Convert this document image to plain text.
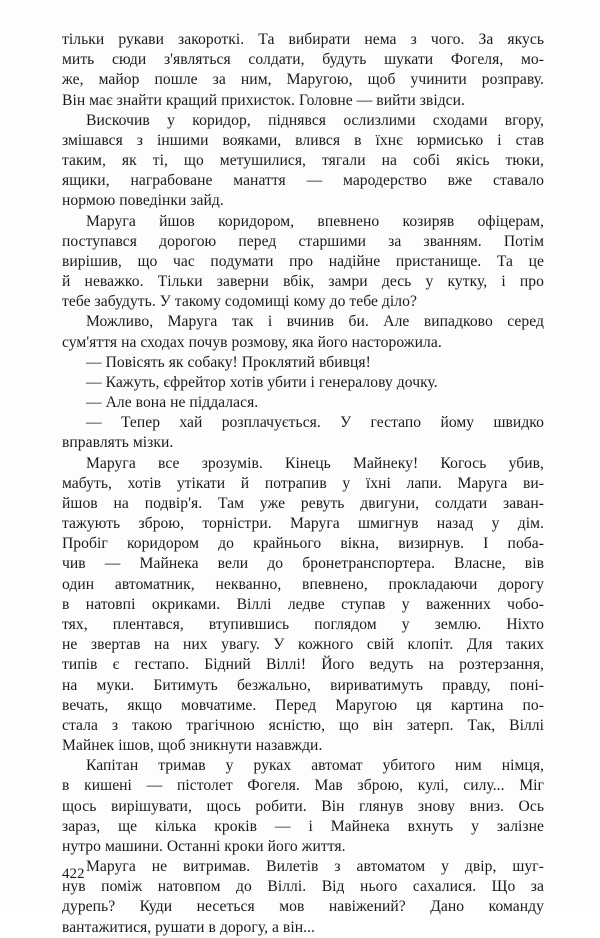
тільки рукави закороткі. Та вибирати нема з чого. За якусь
мить сюди з'являться солдати, будуть шукати Фогеля, мо-
же, майор пошле за ним, Маругою, щоб учинити розправу.
Він має знайти кращий прихисток. Головне — вийти звідси.
Вискочив у коридор, піднявся ослизлими сходами вгору,
змішався з іншими вояками, влився в їхнє юрмисько і став
таким, як ті, що метушилися, тягали на собі якісь тюки,
ящики, награбоване манаття — мародерство вже ставало
нормою поведінки зайд.
Маруга йшов коридором, впевнено козиряв офіцерам,
поступався дорогою перед старшими за званням. Потім
вирішив, що час подумати про надійне пристанище. Та це
й неважко. Тільки заверни вбік, замри десь у кутку, і про
тебе забудуть. У такому содомищі кому до тебе діло?
Можливо, Маруга так і вчинив би. Але випадково серед
сум'яття на сходах почув розмову, яка його насторожила.
— Повісять як собаку! Проклятий вбивця!
— Кажуть, єфрейтор хотів убити і генералову дочку.
— Але вона не піддалася.
— Тепер хай розплачується. У гестапо йому швидко
вправлять мізки.
Маруга все зрозумів. Кінець Майнеку! Когось убив,
мабуть, хотів утікати й потрапив у їхні лапи. Маруга ви-
йшов на подвір'я. Там уже ревуть двигуни, солдати заван-
тажують зброю, торністри. Маруга шмигнув назад у дім.
Пробіг коридором до крайнього вікна, визирнув. І поба-
чив — Майнека вели до бронетранспортера. Власне, вів
один автоматник, некванно, впевнено, прокладаючи дорогу
в натовпі окриками. Віллі ледве ступав у важенних чобо-
тях, плентався, втупившись поглядом у землю. Ніхто
не звертав на них увагу. У кожного свій клопіт. Для таких
типів є гестапо. Бідний Віллі! Його ведуть на розтерзання,
на муки. Битимуть безжально, вириватимуть правду, поні-
вечать, якщо мовчатиме. Перед Маругою ця картина по-
стала з такою трагічною ясністю, що він затерп. Так, Віллі
Майнек ішов, щоб зникнути назавжди.
Капітан тримав у руках автомат убитого ним німця,
в кишені — пістолет Фогеля. Мав зброю, кулі, силу... Міг
щось вирішувати, щось робити. Він глянув знову вниз. Ось
зараз, ще кілька кроків — і Майнека вхнуть у залізне
нутро машини. Останні кроки його життя.
Маруга не витримав. Вилетів з автоматом у двір, шуг-
нув поміж натовпом до Віллі. Від нього сахалися. Що за
дурепь? Куди несеться мов навіжений? Дано команду
вантажитися, рушати в дорогу, а він...
422
